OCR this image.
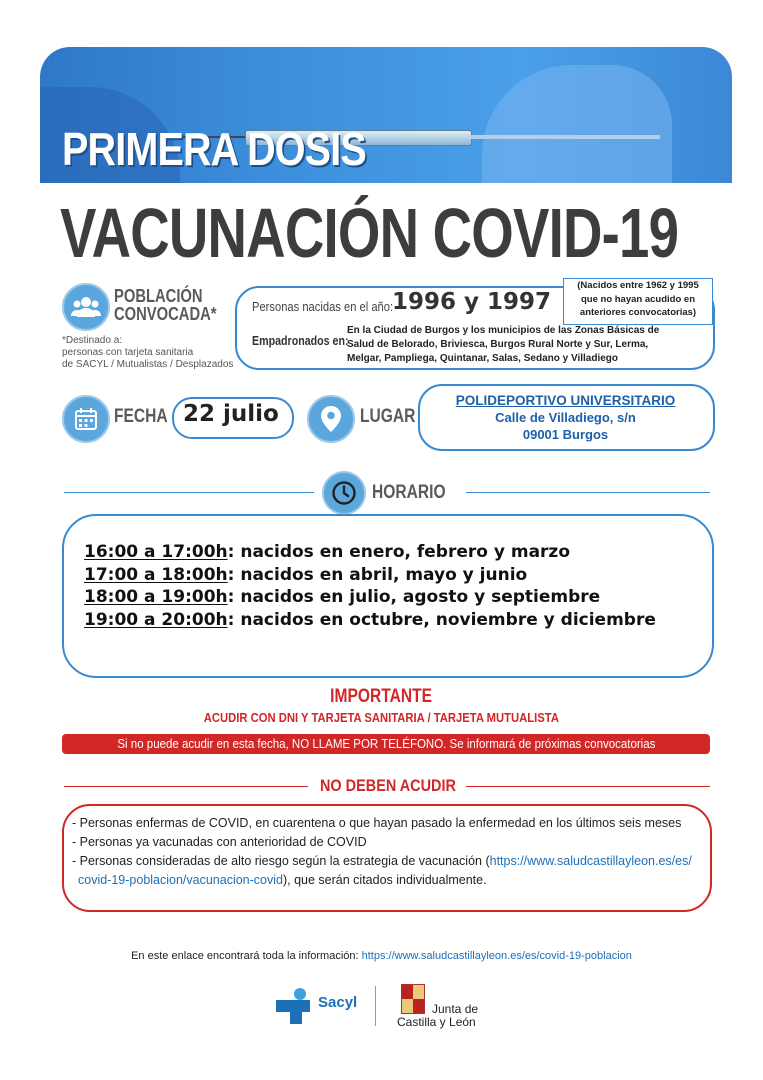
PRIMERA DOSIS
VACUNACIÓN COVID-19
POBLACIÓN
CONVOCADA*
*Destinado a:
personas con tarjeta sanitaria
de SACYL / Mutualistas / Desplazados
Personas nacidas en el año:
1996 y 1997
(Nacidos entre 1962 y 1995
que no hayan acudido en
anteriores convocatorias)
Empadronados en:
En la Ciudad de Burgos y los municipios de las Zonas Básicas de
Salud de Belorado, Briviesca, Burgos Rural Norte y Sur, Lerma,
Melgar, Pampliega, Quintanar, Salas, Sedano y Villadiego
FECHA 22 julio	LUGAR
POLIDEPORTIVO UNIVERSITARIO
Calle de Villadiego, s/n
09001 Burgos
HORARIO
16:00 a 17:00h: nacidos en enero, febrero y marzo
17:00 a 18:00h: nacidos en abril, mayo y junio
18:00 a 19:00h: nacidos en julio, agosto y septiembre
19:00 a 20:00h: nacidos en octubre, noviembre y diciembre
IMPORTANTE
ACUDIR CON DNI Y TARJETA SANITARIA / TARJETA MUTUALISTA
Si no puede acudir en esta fecha, NO LLAME POR TELÉFONO. Se informará de próximas convocatorias
NO DEBEN ACUDIR
- Personas enfermas de COVID, en cuarentena o que hayan pasado la enfermedad en los últimos seis meses
- Personas ya vacunadas con anterioridad de COVID
- Personas consideradas de alto riesgo según la estrategia de vacunación (https://www.saludcastillayleon.es/es/
covid-19-poblacion/vacunacion-covid), que serán citados individualmente.
En este enlace encontrará toda la información: https://www.saludcastillayleon.es/es/covid-19-poblacion
Sacyl	Junta de
Castilla y León
